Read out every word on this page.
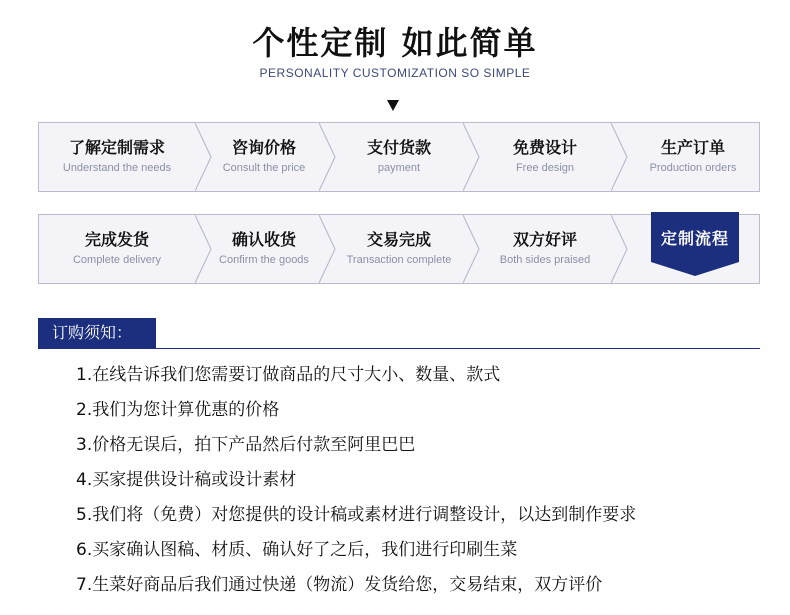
个性定制 如此简单
PERSONALITY CUSTOMIZATION SO SIMPLE
了解定制需求
Understand the needs
咨询价格
Consult the price
支付货款
payment
免费设计
Free design
生产订单
Production orders
完成发货
Complete delivery
确认收货
Confirm the goods
交易完成
Transaction complete
双方好评
Both sides praised
定制流程
订购须知：
1.在线告诉我们您需要订做商品的尺寸大小、数量、款式
2.我们为您计算优惠的价格
3.价格无误后，拍下产品然后付款至阿里巴巴
4.买家提供设计稿或设计素材
5.我们将（免费）对您提供的设计稿或素材进行调整设计，以达到制作要求
6.买家确认图稿、材质、确认好了之后，我们进行印刷生菜
7.生菜好商品后我们通过快递（物流）发货给您，交易结束，双方评价
